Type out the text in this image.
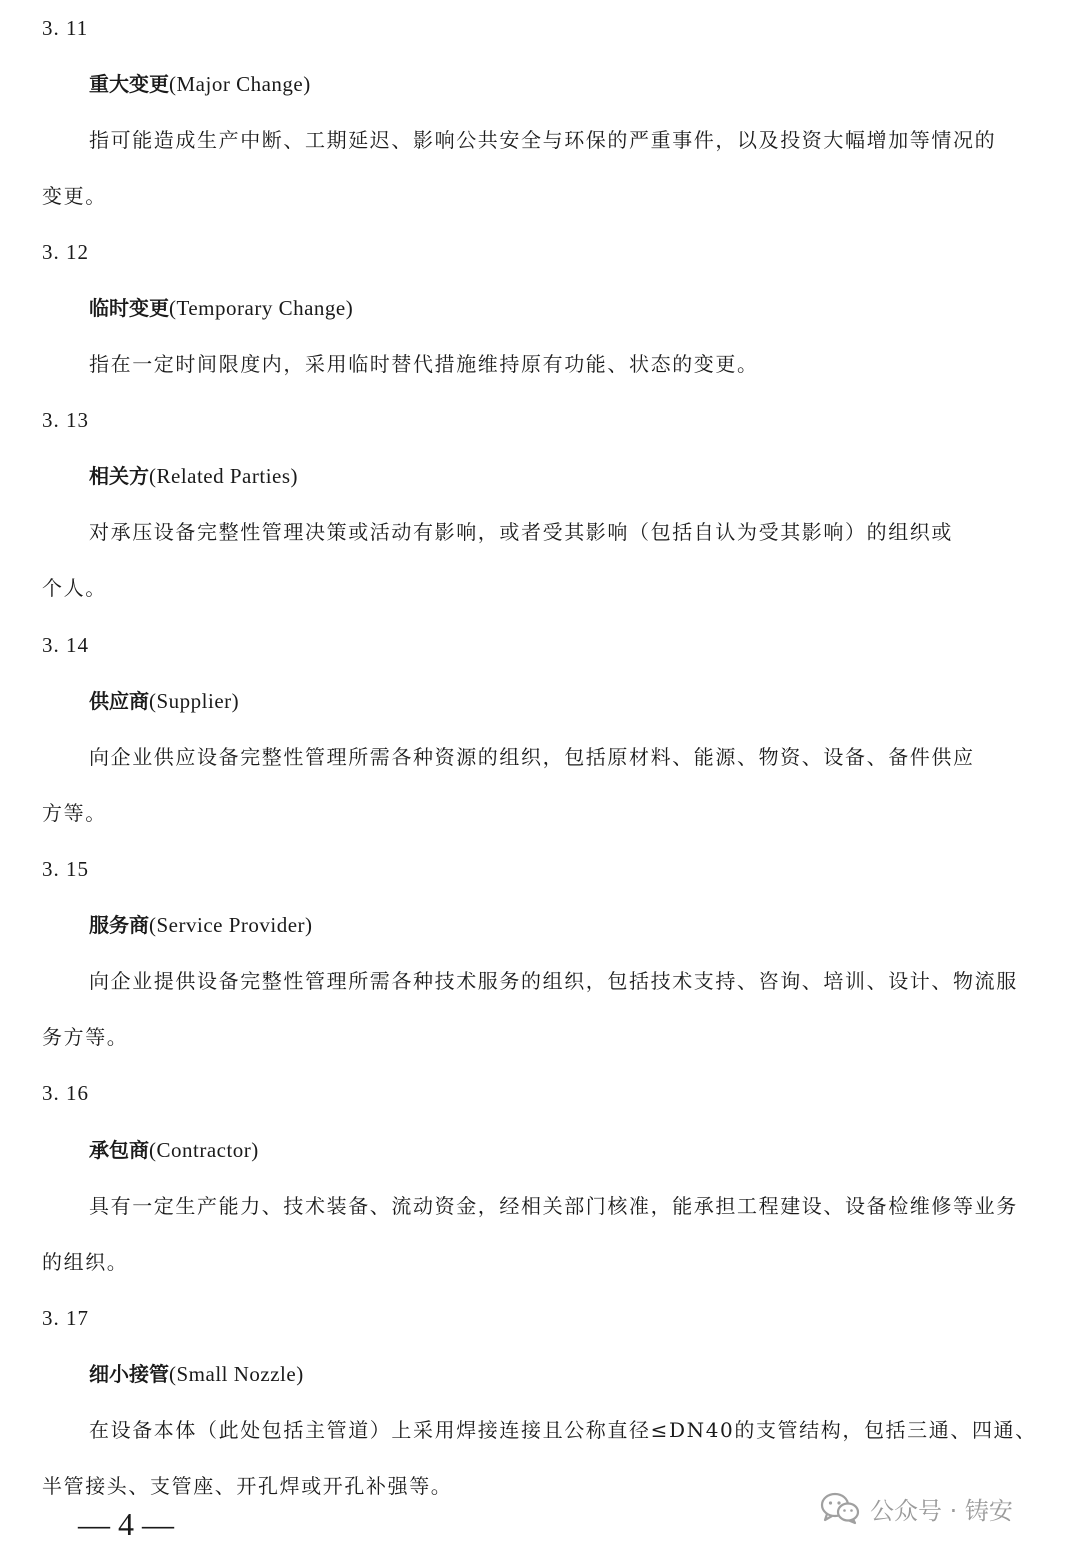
3. 11
重大变更(Major Change)
指可能造成生产中断、工期延迟、影响公共安全与环保的严重事件，以及投资大幅增加等情况的
变更。
3. 12
临时变更(Temporary Change)
指在一定时间限度内，采用临时替代措施维持原有功能、状态的变更。
3. 13
相关方(Related Parties)
对承压设备完整性管理决策或活动有影响，或者受其影响（包括自认为受其影响）的组织或
个人。
3. 14
供应商(Supplier)
向企业供应设备完整性管理所需各种资源的组织，包括原材料、能源、物资、设备、备件供应
方等。
3. 15
服务商(Service Provider)
向企业提供设备完整性管理所需各种技术服务的组织，包括技术支持、咨询、培训、设计、物流服
务方等。
3. 16
承包商(Contractor)
具有一定生产能力、技术装备、流动资金，经相关部门核准，能承担工程建设、设备检维修等业务
的组织。
3. 17
细小接管(Small Nozzle)
在设备本体（此处包括主管道）上采用焊接连接且公称直径≤DN40的支管结构，包括三通、四通、
半管接头、支管座、开孔焊或开孔补强等。
— 4 —	公众号 · 铸安
